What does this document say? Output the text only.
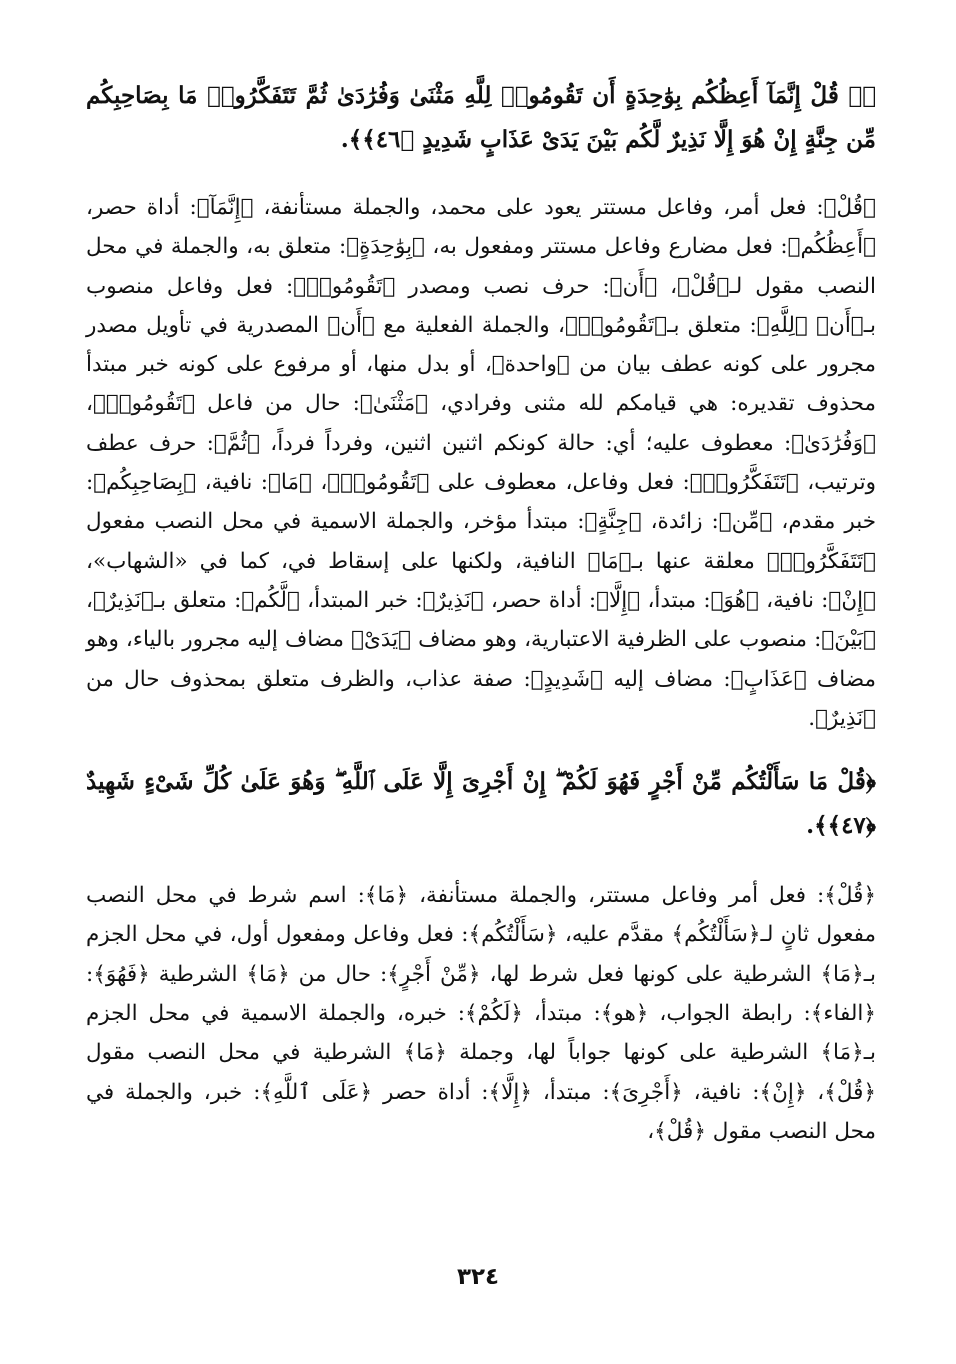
﴿۞ قُلْ إِنَّمَآ أَعِظُكُم بِوَٰحِدَةٍ أَن تَقُومُوا۟ لِلَّهِ مَثْنَىٰ وَفُرَٰدَىٰ ثُمَّ تَتَفَكَّرُوا۟ مَا بِصَاحِبِكُم مِّن جِنَّةٍ إِنْ هُوَ إِلَّا نَذِيرٌ لَّكُم بَيْنَ يَدَىْ عَذَابٍ شَدِيدٍ ﴿٤٦﴾﴾.

﴿قُلْ﴾: فعل أمر، وفاعل مستتر يعود على محمد، والجملة مستأنفة، ﴿إِنَّمَآ﴾: أداة حصر، ﴿أَعِظُكُم﴾: فعل مضارع وفاعل مستتر ومفعول به، ﴿بِوَٰحِدَةٍ﴾: متعلق به، والجملة في محل النصب مقول لـ﴿قُلْ﴾، ﴿أَن﴾: حرف نصب ومصدر ﴿تَقُومُوا۟﴾: فعل وفاعل منصوب بـ﴿أَن﴾ ﴿لِلَّهِ﴾: متعلق بـ﴿تَقُومُوا۟﴾، والجملة الفعلية مع ﴿أَن﴾ المصدرية في تأويل مصدر مجرور على كونه عطف بيان من ﴿واحدة﴾، أو بدل منها، أو مرفوع على كونه خبر مبتدأ محذوف تقديره: هي قيامكم لله مثنى وفرادي، ﴿مَثْنَىٰ﴾: حال من فاعل ﴿تَقُومُوا۟﴾، ﴿وَفُرَٰدَىٰ﴾: معطوف عليه؛ أي: حالة كونكم اثنين اثنين، وفرداً فرداً، ﴿ثُمَّ﴾: حرف عطف وترتيب، ﴿تَتَفَكَّرُوا۟﴾: فعل وفاعل، معطوف على ﴿تَقُومُوا۟﴾، ﴿مَا﴾: نافية، ﴿بِصَاحِبِكُم﴾: خبر مقدم، ﴿مِّن﴾: زائدة، ﴿جِنَّةٍ﴾: مبتدأ مؤخر، والجملة الاسمية في محل النصب مفعول ﴿تَتَفَكَّرُوا۟﴾ معلقة عنها بـ﴿مَا﴾ النافية، ولكنها على إسقاط في، كما في «الشهاب»، ﴿إِنْ﴾: نافية، ﴿هُوَ﴾: مبتدأ، ﴿إِلَّا﴾: أداة حصر، ﴿نَذِيرٌ﴾: خبر المبتدأ، ﴿لَّكُم﴾: متعلق بـ﴿نَذِيرٌ﴾، ﴿بَيْنَ﴾: منصوب على الظرفية الاعتبارية، وهو مضاف ﴿يَدَىْ﴾ مضاف إليه مجرور بالياء، وهو مضاف ﴿عَذَابٍ﴾: مضاف إليه ﴿شَدِيدٍ﴾: صفة عذاب، والظرف متعلق بمحذوف حال من ﴿نَذِيرٌ﴾.

﴿قُلْ مَا سَأَلْتُكُم مِّنْ أَجْرٍ فَهُوَ لَكُمْ ۖ إِنْ أَجْرِىَ إِلَّا عَلَى ٱللَّهِ ۖ وَهُوَ عَلَىٰ كُلِّ شَىْءٍ شَهِيدٌ ﴿٤٧﴾﴾.

﴿قُلْ﴾: فعل أمر وفاعل مستتر، والجملة مستأنفة، ﴿مَا﴾: اسم شرط في محل النصب مفعول ثانٍ لـ﴿سَأَلْتُكُم﴾ مقدَّم عليه، ﴿سَأَلْتُكُم﴾: فعل وفاعل ومفعول أول، في محل الجزم بـ﴿مَا﴾ الشرطية على كونها فعل شرط لها، ﴿مِّنْ أَجْرٍ﴾: حال من ﴿مَا﴾ الشرطية ﴿فَهُوَ﴾: ﴿الفاء﴾: رابطة الجواب، ﴿هو﴾: مبتدأ، ﴿لَكُمْ﴾: خبره، والجملة الاسمية في محل الجزم بـ﴿مَا﴾ الشرطية على كونها جواباً لها، وجملة ﴿مَا﴾ الشرطية في محل النصب مقول ﴿قُلْ﴾، ﴿إِنْ﴾: نافية، ﴿أَجْرِىَ﴾: مبتدأ، ﴿إِلَّا﴾: أداة حصر ﴿عَلَى ٱللَّهِ﴾: خبر، والجملة في محل النصب مقول ﴿قُلْ﴾،

٣٢٤
